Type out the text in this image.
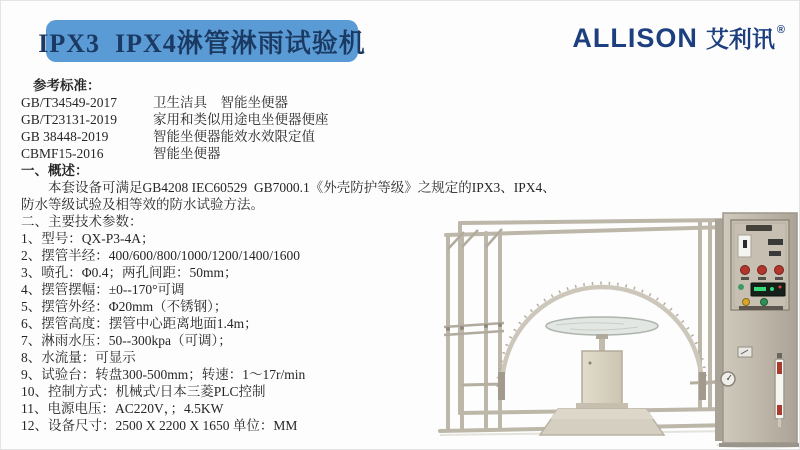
IPX3  IPX4淋管淋雨试验机	ALLISON 艾利讯 ®
参考标准：
GB/T34549-2017	卫生洁具　智能坐便器
GB/T23131-2019	家用和类似用途电坐便器便座
GB 38448-2019	智能坐便器能效水效限定值
CBMF15-2016	智能坐便器
一、概述：
本套设备可满足GB4208 IEC60529  GB7000.1《外壳防护等级》之规定的IPX3、IPX4、
防水等级试验及相等效的防水试验方法。
二、主要技术参数：
1、型号：QX-P3-4A；
2、摆管半经：400/600/800/1000/1200/1400/1600
3、喷孔：Φ0.4；两孔间距：50mm；
4、摆管摆幅：±0--170°可调
5、摆管外经：Φ20mm（不锈钢）；
6、摆管高度：摆管中心距离地面1.4m；
7、淋雨水压：50--300kpa（可调）；
8、水流量：可显示
9、试验台：转盘300-500mm；转速：1～17r/min
10、控制方式：机械式/日本三菱PLC控制
11、电源电压：AC220V，；4.5KW
12、设备尺寸：2500 X 2200 X 1650 单位：MM
